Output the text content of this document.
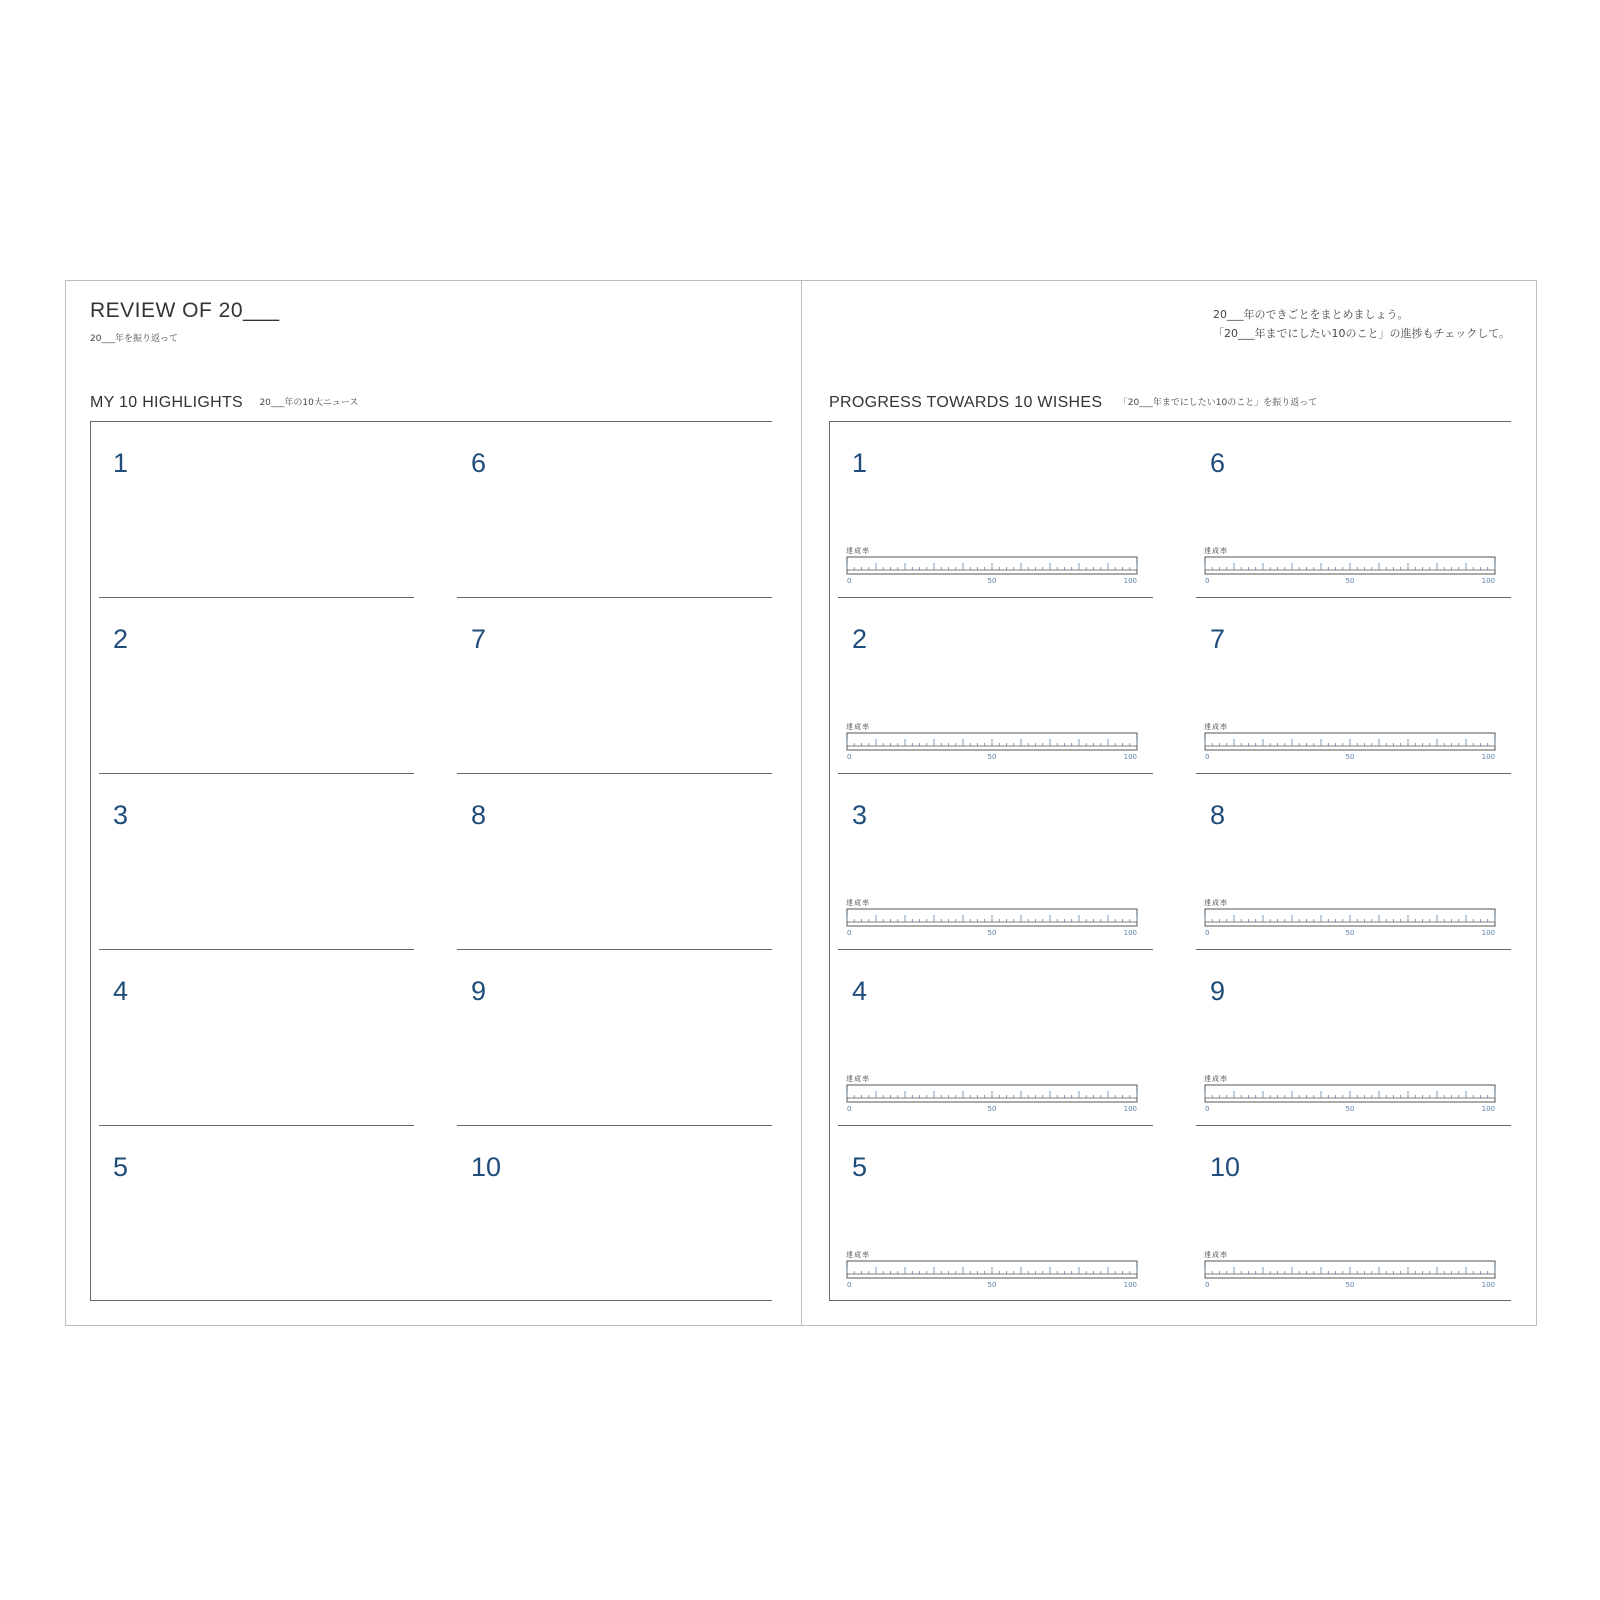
REVIEW OF 20___
20___年を振り返って
MY 10 HIGHLIGHTS 20___年の10大ニュース
1
2
3
4
5
6
7
8
9
10
20___年のできごとをまとめましょう。
「20___年までにしたい10のこと」の進捗もチェックして。
PROGRESS TOWARDS 10 WISHES 「20___年までにしたい10のこと」を振り返って
1
達成率
0	50	100
2
達成率
0	50	100
3
達成率
0	50	100
4
達成率
0	50	100
5
達成率
0	50	100
6
達成率
0	50	100
7
達成率
0	50	100
8
達成率
0	50	100
9
達成率
0	50	100
10
達成率
0	50	100
